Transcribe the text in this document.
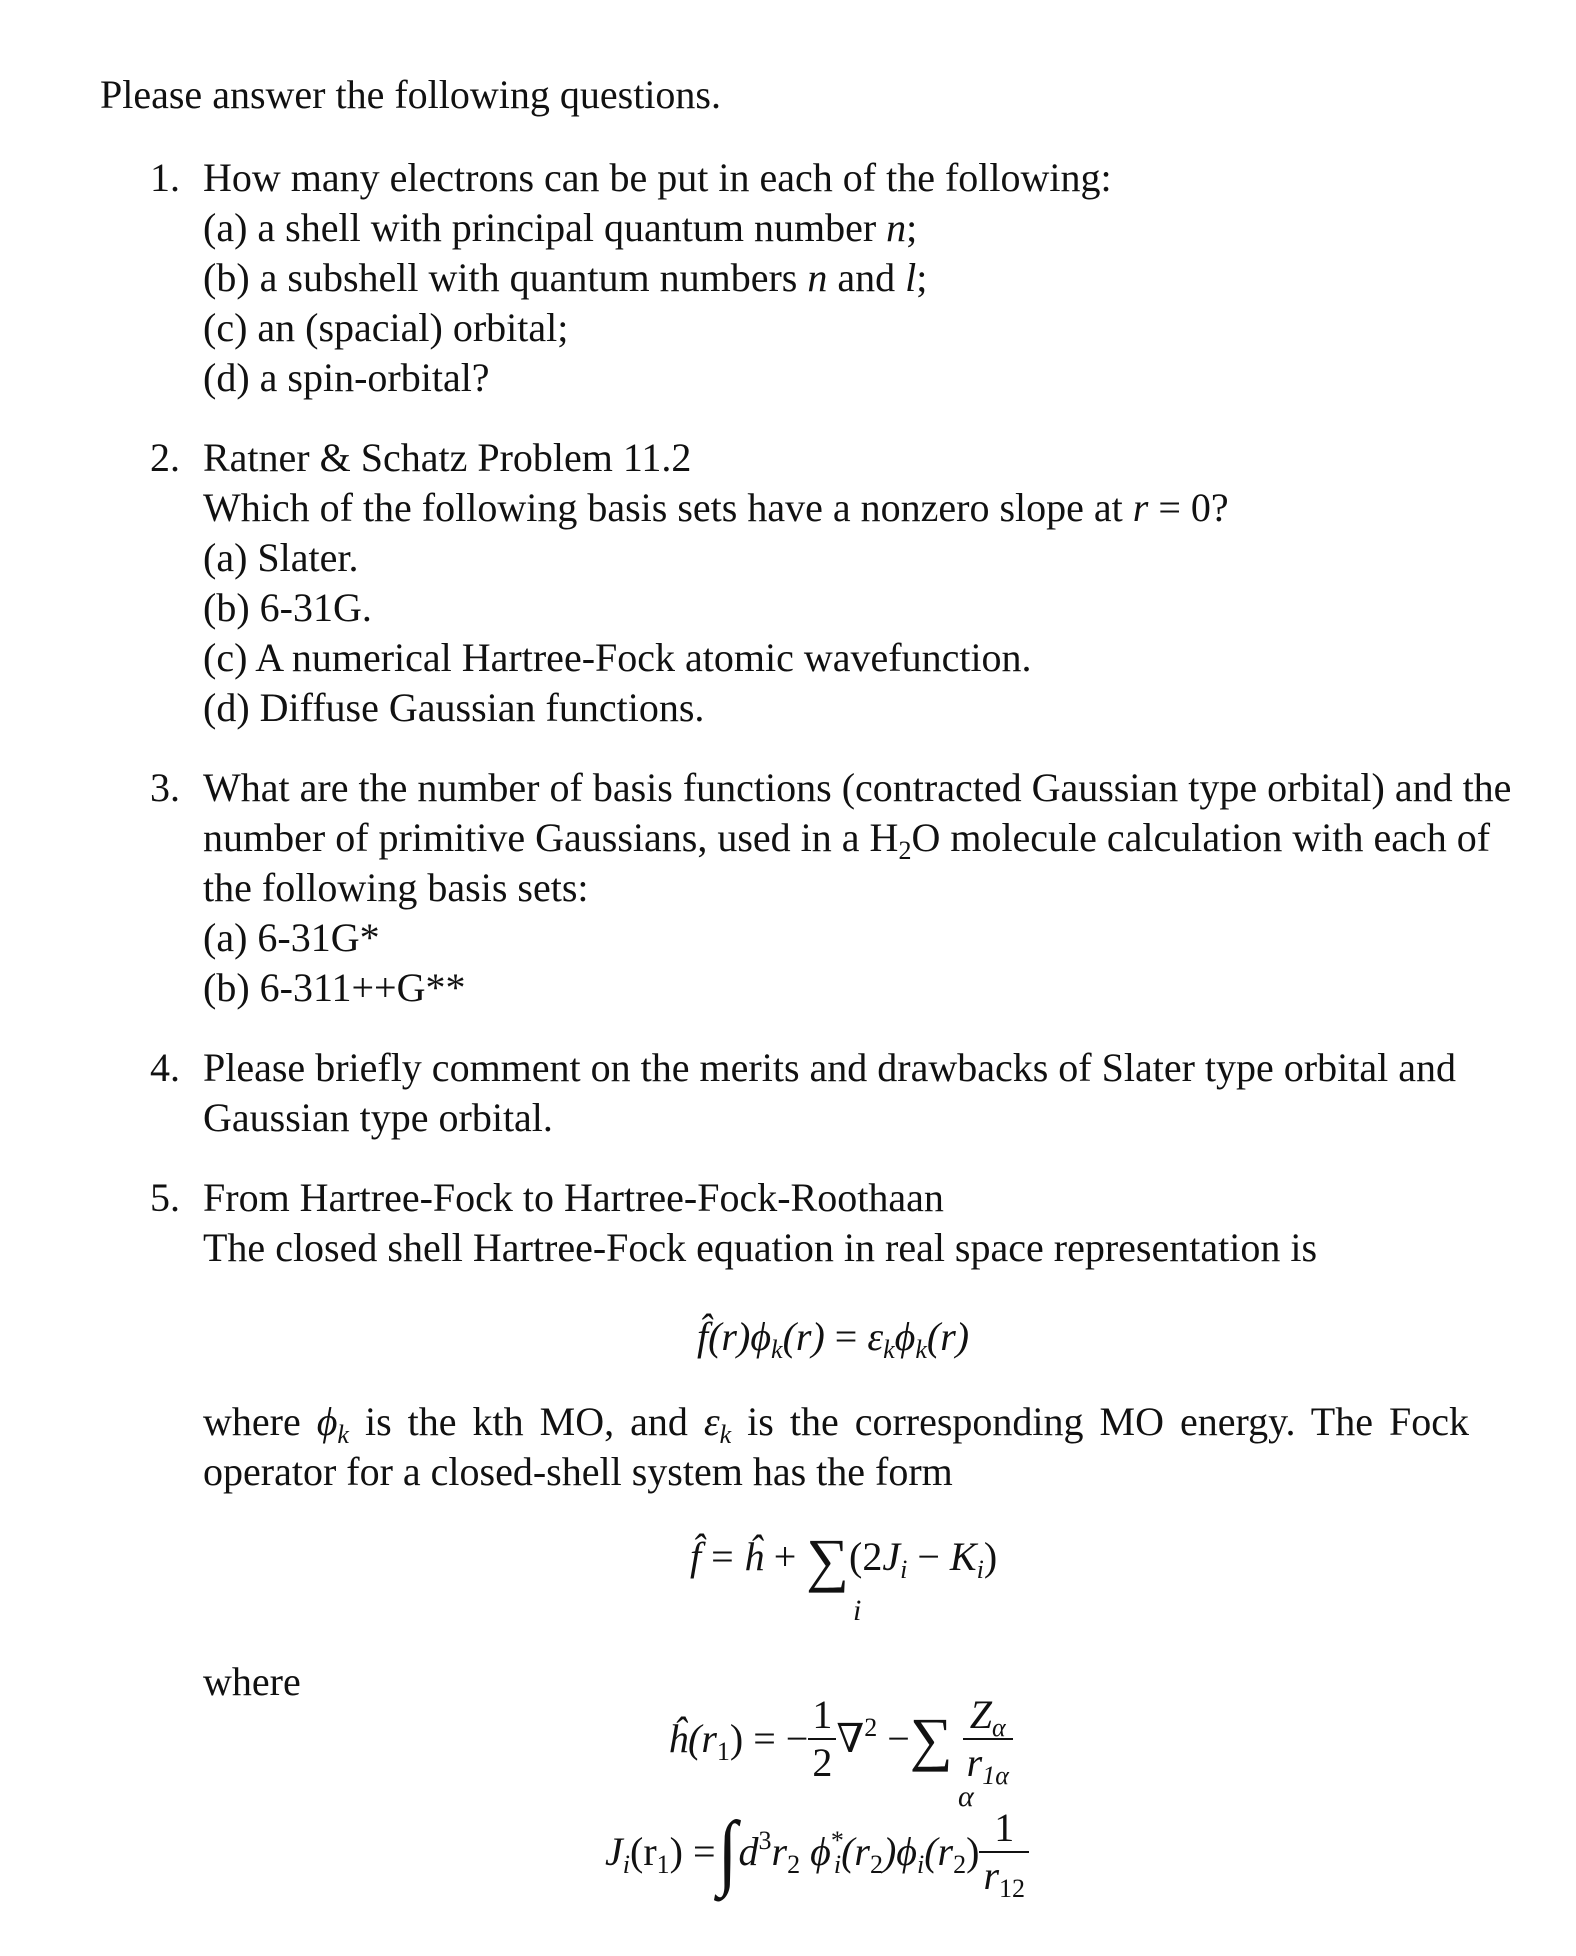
Please answer the following questions.
1. How many electrons can be put in each of the following:
(a) a shell with principal quantum number n;
(b) a subshell with quantum numbers n and l;
(c) an (spacial) orbital;
(d) a spin-orbital?
2. Ratner & Schatz Problem 11.2
Which of the following basis sets have a nonzero slope at r = 0?
(a) Slater.
(b) 6-31G.
(c) A numerical Hartree-Fock atomic wavefunction.
(d) Diffuse Gaussian functions.
3. What are the number of basis functions (contracted Gaussian type orbital) and the
number of primitive Gaussians, used in a $H_2O$ molecule calculation with each of
the following basis sets:
(a) 6-31G*
(b) 6-311++G**
4. Please briefly comment on the merits and drawbacks of Slater type orbital and
Gaussian type orbital.
5. From Hartree-Fock to Hartree-Fock-Roothaan
The closed shell Hartree-Fock equation in real space representation is
$f̂(r)\phi_k(r) = \varepsilon_k\phi_k(r)$
where $\phi_k$ is the kth MO, and $\varepsilon_k$ is the corresponding MO energy. The Fock
operator for a closed-shell system has the form
f̂ = ĥ + $\sum(2J_i - K_i)$
i
where
$ĥ(r_1)$ = − $\frac{1}{2} \nabla^2$ −∑ $\frac{Z_\alpha}{r_{1\alpha}}$
α
$J_i(r_1) =\int d^3r_2$ $\phi^*_i(r_2)\phi_i(r_2) \frac{1}{r_{12}}$
